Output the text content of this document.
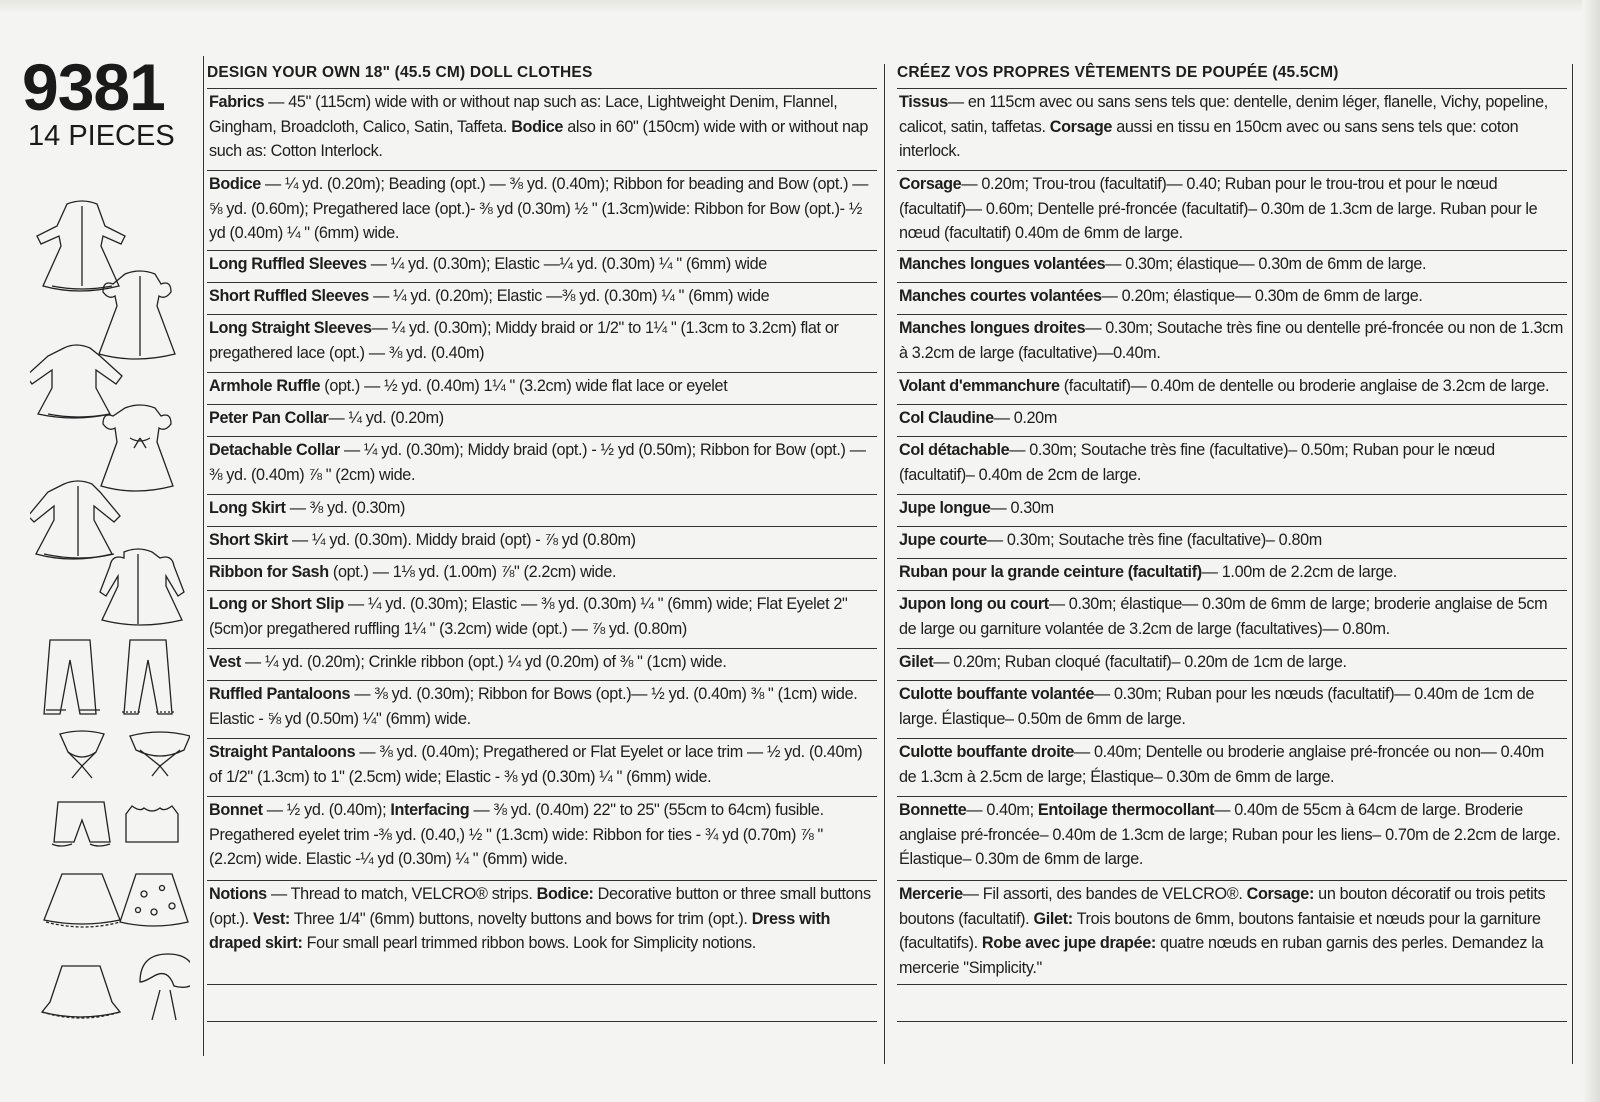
9381
14 PIECES
DESIGN YOUR OWN 18" (45.5 CM) DOLL CLOTHES
Fabrics — 45" (115cm) wide with or without nap such as: Lace, Lightweight Denim, Flannel, Gingham, Broadcloth, Calico, Satin, Taffeta. Bodice also in 60" (150cm) wide with or without nap such as: Cotton Interlock.
Bodice — ¼ yd. (0.20m); Beading (opt.) — ⅜ yd. (0.40m); Ribbon for beading and Bow (opt.) — ⅝ yd. (0.60m); Pregathered lace (opt.)- ⅜ yd (0.30m) ½ " (1.3cm)wide: Ribbon for Bow (opt.)- ½ yd (0.40m) ¼ " (6mm) wide.
Long Ruffled Sleeves — ¼ yd. (0.30m); Elastic —¼ yd. (0.30m) ¼ " (6mm) wide
Short Ruffled Sleeves — ¼ yd. (0.20m); Elastic —⅜ yd. (0.30m) ¼ " (6mm) wide
Long Straight Sleeves— ¼ yd. (0.30m); Middy braid or 1/2" to 1¼ " (1.3cm to 3.2cm) flat or pregathered lace (opt.) — ⅜ yd. (0.40m)
Armhole Ruffle (opt.) — ½ yd. (0.40m) 1¼ " (3.2cm) wide flat lace or eyelet
Peter Pan Collar— ¼ yd. (0.20m)
Detachable Collar — ¼ yd. (0.30m); Middy braid (opt.) - ½ yd (0.50m); Ribbon for Bow (opt.) — ⅜ yd. (0.40m) ⅞ " (2cm) wide.
Long Skirt — ⅜ yd. (0.30m)
Short Skirt — ¼ yd. (0.30m). Middy braid (opt) - ⅞ yd (0.80m)
Ribbon for Sash (opt.) — 1⅛ yd. (1.00m) ⅞" (2.2cm) wide.
Long or Short Slip — ¼ yd. (0.30m); Elastic — ⅜ yd. (0.30m) ¼ " (6mm) wide; Flat Eyelet 2" (5cm)or pregathered ruffling 1¼ " (3.2cm) wide (opt.) — ⅞ yd. (0.80m)
Vest — ¼ yd. (0.20m); Crinkle ribbon (opt.) ¼ yd (0.20m) of ⅜ " (1cm) wide.
Ruffled Pantaloons — ⅜ yd. (0.30m); Ribbon for Bows (opt.)— ½ yd. (0.40m) ⅜ " (1cm) wide. Elastic - ⅝ yd (0.50m) ¼" (6mm) wide.
Straight Pantaloons — ⅜ yd. (0.40m); Pregathered or Flat Eyelet or lace trim — ½ yd. (0.40m) of 1/2" (1.3cm) to 1" (2.5cm) wide; Elastic - ⅜ yd (0.30m) ¼ " (6mm) wide.
Bonnet — ½ yd. (0.40m); Interfacing — ⅜ yd. (0.40m) 22" to 25" (55cm to 64cm) fusible. Pregathered eyelet trim -⅜ yd. (0.40,) ½ " (1.3cm) wide: Ribbon for ties - ¾ yd (0.70m) ⅞ " (2.2cm) wide. Elastic -¼ yd (0.30m) ¼ " (6mm) wide.
Notions — Thread to match, VELCRO® strips. Bodice: Decorative button or three small buttons (opt.). Vest: Three 1/4" (6mm) buttons, novelty buttons and bows for trim (opt.). Dress with draped skirt: Four small pearl trimmed ribbon bows. Look for Simplicity notions.
CRÉEZ VOS PROPRES VÊTEMENTS DE POUPÉE (45.5CM)
Tissus— en 115cm avec ou sans sens tels que: dentelle, denim léger, flanelle, Vichy, popeline, calicot, satin, taffetas. Corsage aussi en tissu en 150cm avec ou sans sens tels que: coton interlock.
Corsage— 0.20m; Trou-trou (facultatif)— 0.40; Ruban pour le trou-trou et pour le nœud (facultatif)— 0.60m; Dentelle pré-froncée (facultatif)– 0.30m de 1.3cm de large. Ruban pour le nœud (facultatif) 0.40m de 6mm de large.
Manches longues volantées— 0.30m; élastique— 0.30m de 6mm de large.
Manches courtes volantées— 0.20m; élastique— 0.30m de 6mm de large.
Manches longues droites— 0.30m; Soutache très fine ou dentelle pré-froncée ou non de 1.3cm à 3.2cm de large (facultative)—0.40m.
Volant d'emmanchure (facultatif)— 0.40m de dentelle ou broderie anglaise de 3.2cm de large.
Col Claudine— 0.20m
Col détachable— 0.30m; Soutache très fine (facultative)– 0.50m; Ruban pour le nœud (facultatif)– 0.40m de 2cm de large.
Jupe longue— 0.30m
Jupe courte— 0.30m; Soutache très fine (facultative)– 0.80m
Ruban pour la grande ceinture (facultatif)— 1.00m de 2.2cm de large.
Jupon long ou court— 0.30m; élastique— 0.30m de 6mm de large; broderie anglaise de 5cm de large ou garniture volantée de 3.2cm de large (facultatives)— 0.80m.
Gilet— 0.20m; Ruban cloqué (facultatif)– 0.20m de 1cm de large.
Culotte bouffante volantée— 0.30m; Ruban pour les nœuds (facultatif)— 0.40m de 1cm de large. Élastique– 0.50m de 6mm de large.
Culotte bouffante droite— 0.40m; Dentelle ou broderie anglaise pré-froncée ou non— 0.40m de 1.3cm à 2.5cm de large; Élastique– 0.30m de 6mm de large.
Bonnette— 0.40m; Entoilage thermocollant— 0.40m de 55cm à 64cm de large. Broderie anglaise pré-froncée– 0.40m de 1.3cm de large; Ruban pour les liens– 0.70m de 2.2cm de large. Élastique– 0.30m de 6mm de large.
Mercerie— Fil assorti, des bandes de VELCRO®. Corsage: un bouton décoratif ou trois petits boutons (facultatif). Gilet: Trois boutons de 6mm, boutons fantaisie et nœuds pour la garniture (facultatifs). Robe avec jupe drapée: quatre nœuds en ruban garnis des perles. Demandez la mercerie "Simplicity."
